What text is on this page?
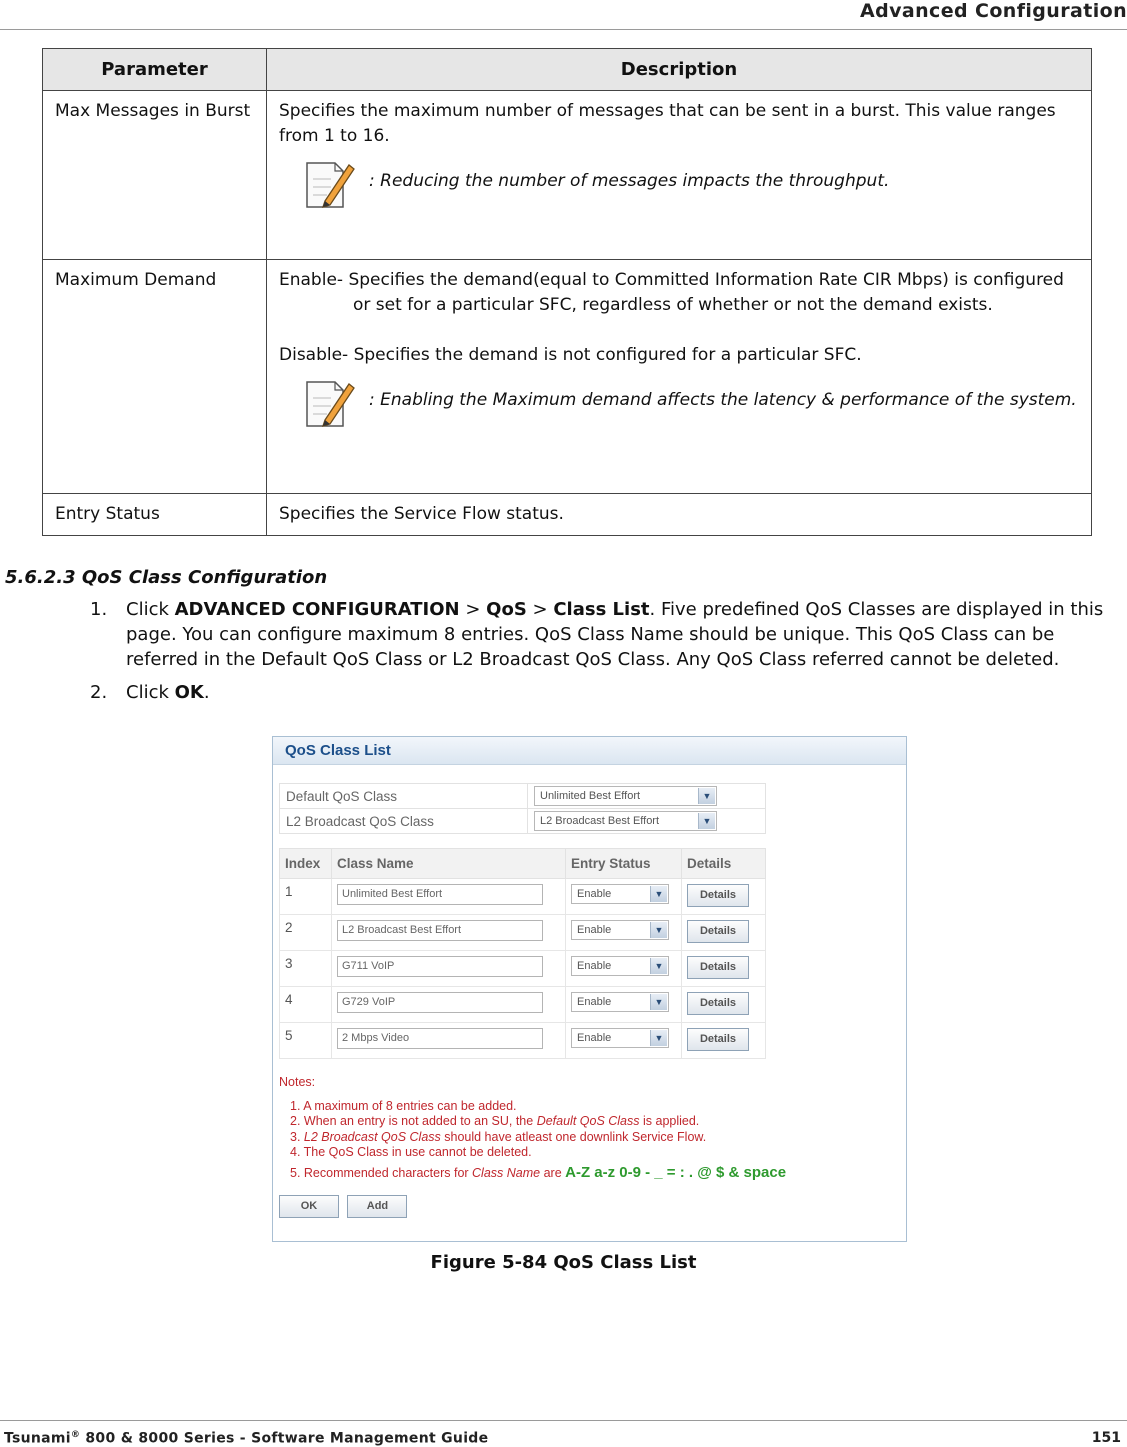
Advanced Configuration
Parameter	Description
Max Messages in Burst	Specifies the maximum number of messages that can be sent in a burst. This value ranges from 1 to 16.
: Reducing the number of messages impacts the throughput.

Maximum Demand	Enable- Specifies the demand(equal to Committed Information Rate CIR Mbps) is configured or set for a particular SFC, regardless of whether or not the demand exists.
Disable- Specifies the demand is not configured for a particular SFC.
: Enabling the Maximum demand affects the latency & performance of the system.

Entry Status	Specifies the Service Flow status.
5.6.2.3 QoS Class Configuration
1. Click ADVANCED CONFIGURATION > QoS > Class List. Five predefined QoS Classes are displayed in this page. You can configure maximum 8 entries. QoS Class Name should be unique. This QoS Class can be referred in the Default QoS Class or L2 Broadcast QoS Class. Any QoS Class referred cannot be deleted.
2. Click OK.
QoS Class List
Default QoS Class	Unlimited Best Effort ▼

L2 Broadcast QoS Class	L2 Broadcast Best Effort ▼
Index	Class Name	Entry Status	Details
1	Unlimited Best Effort	Enable ▼	Details
2	L2 Broadcast Best Effort	Enable ▼	Details
3	G711 VoIP	Enable ▼	Details
4	G729 VoIP	Enable ▼	Details
5	2 Mbps Video	Enable ▼	Details
Notes:
1. A maximum of 8 entries can be added.
2. When an entry is not added to an SU, the Default QoS Class is applied.
3. L2 Broadcast QoS Class should have atleast one downlink Service Flow.
4. The QoS Class in use cannot be deleted.
5. Recommended characters for Class Name are A-Z a-z 0-9 - _ = : . @ $ & space
OK	Add
Figure 5-84 QoS Class List
Tsunami® 800 & 8000 Series - Software Management Guide	151
